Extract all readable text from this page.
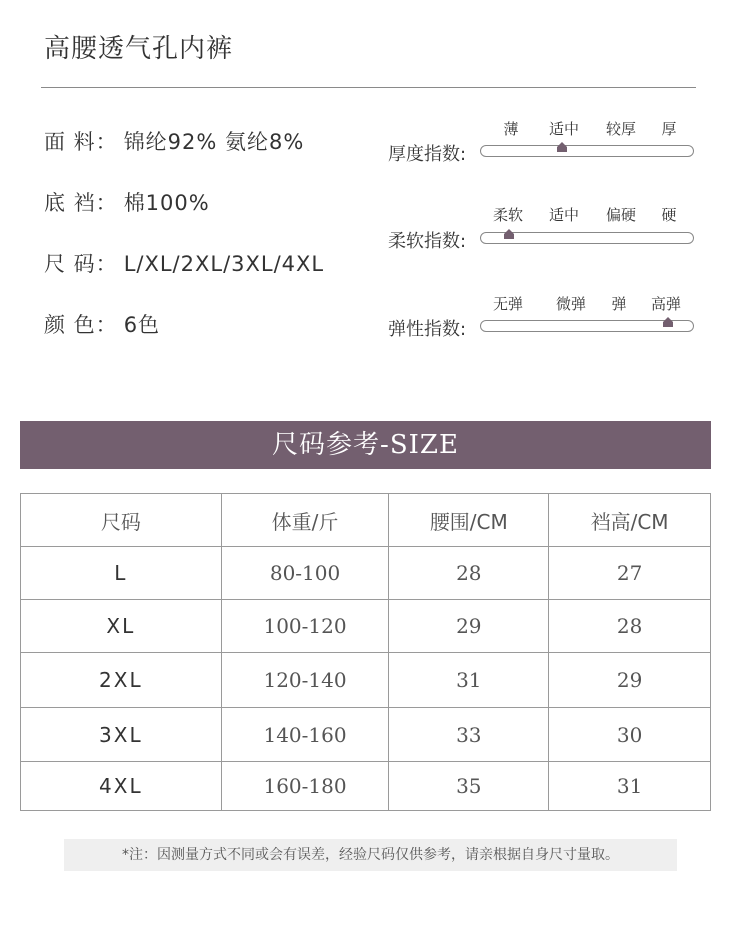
高腰透气孔内裤
面 料： 锦纶92% 氨纶8%
底 裆： 棉100%
尺 码： L/XL/2XL/3XL/4XL
颜 色： 6色
薄 适中 较厚 厚
厚度指数:
柔软 适中 偏硬 硬
柔软指数:
无弹 微弹 弹 高弹
弹性指数:
尺码参考-SIZE
尺码	体重/斤	腰围/CM	裆高/CM
L	80-100	28	27
XL	100-120	29	28
2XL	120-140	31	29
3XL	140-160	33	30
4XL	160-180	35	31
*注：因测量方式不同或会有误差，经验尺码仅供参考，请亲根据自身尺寸量取。
